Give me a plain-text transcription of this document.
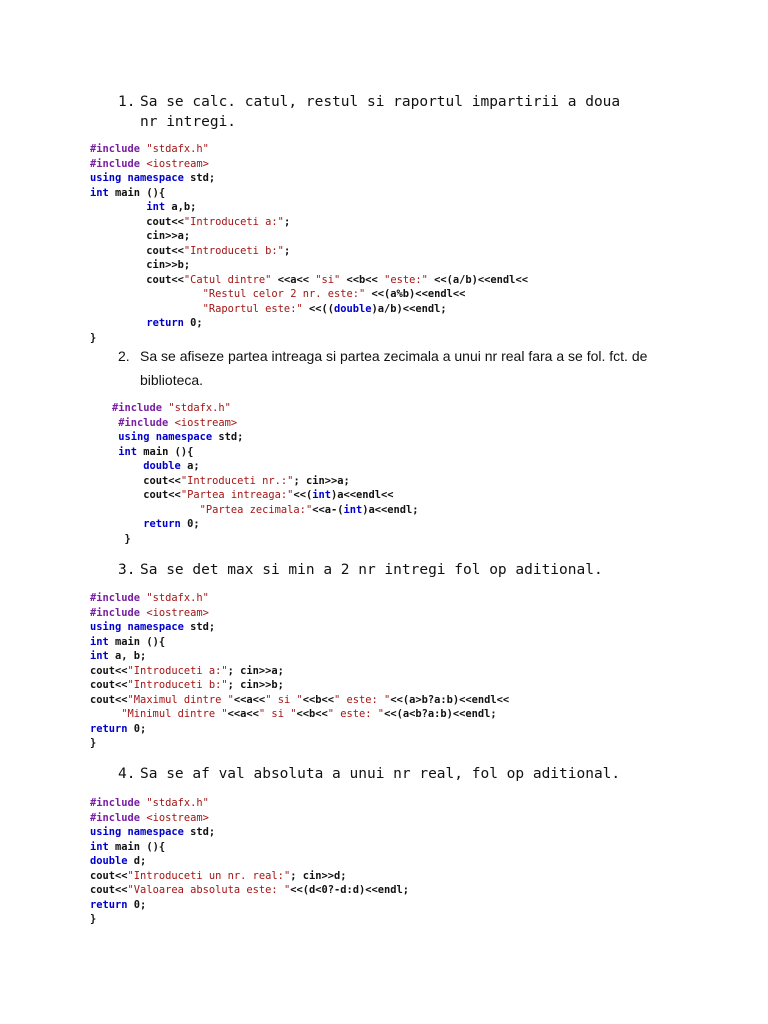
1. Sa se calc. catul, restul si raportul impartirii a doua nr intregi.
#include "stdafx.h"
#include <iostream>
using namespace std;
int main (){
int a,b;
cout<<"Introduceti a:";
cin>>a;
cout<<"Introduceti b:";
cin>>b;
cout<<"Catul dintre" <<a<< "si" <<b<< "este:" <<(a/b)<<endl<<
"Restul celor 2 nr. este:" <<(a%b)<<endl<<
"Raportul este:" <<((double)a/b)<<endl;
return 0;
}
2. Sa se afiseze partea intreaga si partea zecimala a unui nr real fara a se fol. fct. de biblioteca.
#include "stdafx.h"
#include <iostream>
using namespace std;
int main (){
double a;
cout<<"Introduceti nr.:"; cin>>a;
cout<<"Partea intreaga:"<<(int)a<<endl<<
"Partea zecimala:"<<a-(int)a<<endl;
return 0;
}
3. Sa se det max si min a 2 nr intregi fol op aditional.
#include "stdafx.h"
#include <iostream>
using namespace std;
int main (){
int a, b;
cout<<"Introduceti a:"; cin>>a;
cout<<"Introduceti b:"; cin>>b;
cout<<"Maximul dintre "<<a<<" si "<<b<<" este: "<<(a>b?a:b)<<endl<<
"Minimul dintre "<<a<<" si "<<b<<" este: "<<(a<b?a:b)<<endl;
return 0;
}
4. Sa se af val absoluta a unui nr real, fol op aditional.
#include "stdafx.h"
#include <iostream>
using namespace std;
int main (){
double d;
cout<<"Introduceti un nr. real:"; cin>>d;
cout<<"Valoarea absoluta este: "<<(d<0?-d:d)<<endl;
return 0;
}
